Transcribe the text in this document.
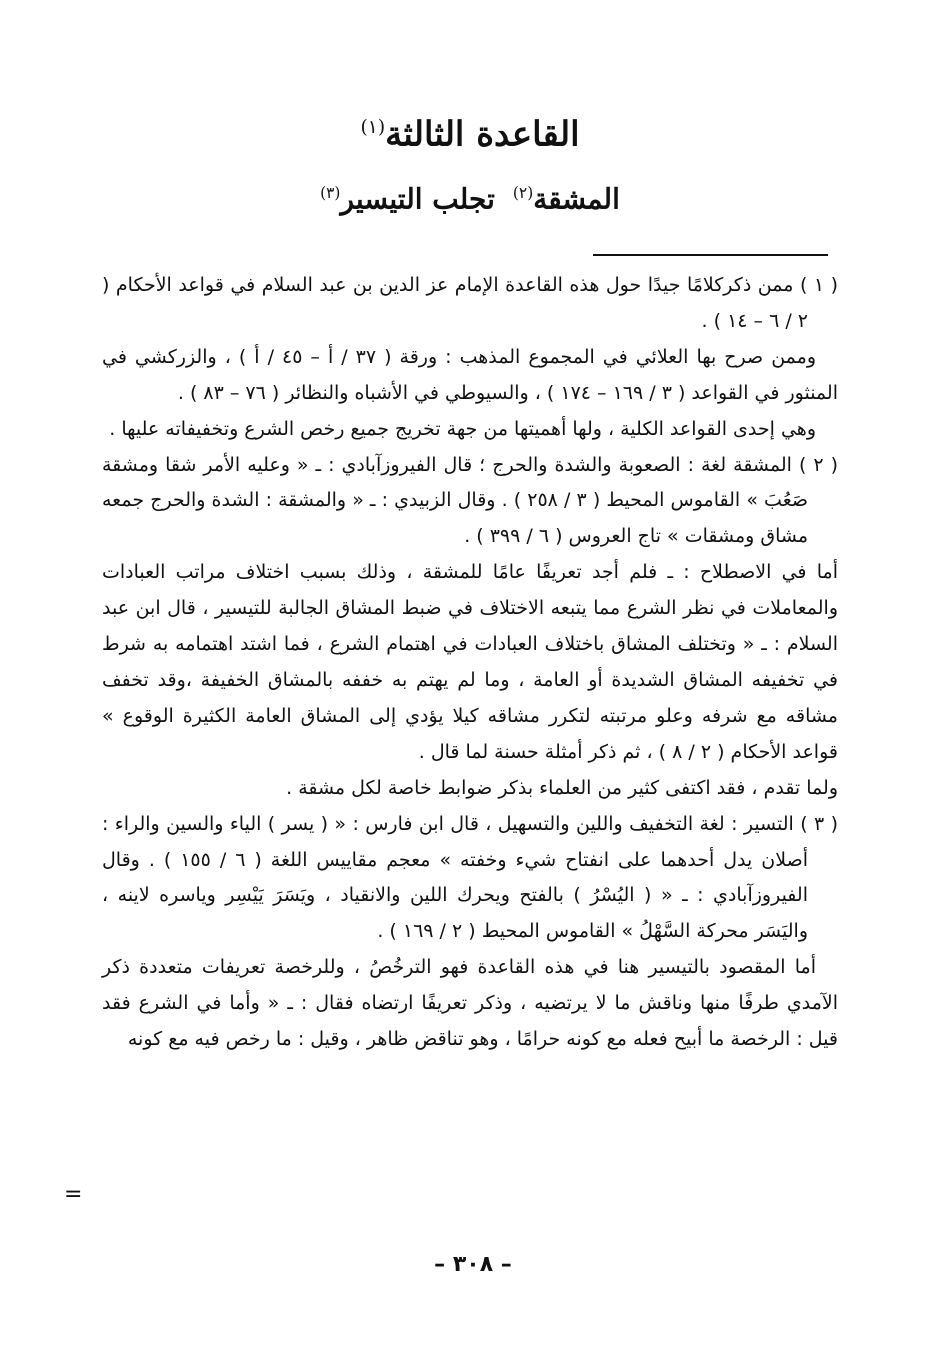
القاعدة الثالثة$^{(١)}$
المشقة$^{(٢)}$تجلب التيسير$^{(٣)}$

( ١ ) ممن ذكركلامًا جيدًا حول هذه القاعدة الإمام عز الدين بن عبد السلام في قواعد الأحكام ( ٢ / ٦ – ١٤ ) .

وممن صرح بها العلائي في المجموع المذهب : ورقة ( ٣٧ / أ – ٤٥ / أ ) ، والزركشي في المنثور في القواعد ( ٣ / ١٦٩ – ١٧٤ ) ، والسيوطي في الأشباه والنظائر ( ٧٦ – ٨٣ ) .

وهي إحدى القواعد الكلية ، ولها أهميتها من جهة تخريج جميع رخص الشرع وتخفيفاته عليها .

( ٢ ) المشقة لغة : الصعوبة والشدة والحرج ؛ قال الفيروزآبادي : ـ « وعليه الأمر شقا ومشقة صَعُبَ » القاموس المحيط ( ٣ / ٢٥٨ ) . وقال الزبيدي : ـ « والمشقة : الشدة والحرج جمعه مشاق ومشقات » تاج العروس ( ٦ / ٣٩٩ ) .

أما في الاصطلاح : ـ فلم أجد تعريفًا عامًا للمشقة ، وذلك بسبب اختلاف مراتب العبادات والمعاملات في نظر الشرع مما يتبعه الاختلاف في ضبط المشاق الجالبة للتيسير ، قال ابن عبد السلام : ـ « وتختلف المشاق باختلاف العبادات في اهتمام الشرع ، فما اشتد اهتمامه به شرط في تخفيفه المشاق الشديدة أو العامة ، وما لم يهتم به خففه بالمشاق الخفيفة ،وقد تخفف مشاقه مع شرفه وعلو مرتبته لتكرر مشاقه كيلا يؤدي إلى المشاق العامة الكثيرة الوقوع » قواعد الأحكام ( ٢ / ٨ ) ، ثم ذكر أمثلة حسنة لما قال .

ولما تقدم ، فقد اكتفى كثير من العلماء بذكر ضوابط خاصة لكل مشقة .

( ٣ ) التسير : لغة التخفيف واللين والتسهيل ، قال ابن فارس : « ( يسر ) الياء والسين والراء : أصلان يدل أحدهما على انفتاح شيء وخفته » معجم مقاييس اللغة ( ٦ / ١٥٥ ) . وقال الفيروزآبادي : ـ « ( اليُسْرُ ) بالفتح ويحرك اللين والانقياد ، ويَسَرَ يَيْسِر وياسره لاينه ، واليَسَر محركة السَّهْلُ » القاموس المحيط ( ٢ / ١٦٩ ) .

أما المقصود بالتيسير هنا في هذه القاعدة فهو الترخُصُ ، وللرخصة تعريفات متعددة ذكر الآمدي طرفًا منها وناقش ما لا يرتضيه ، وذكر تعريفًا ارتضاه فقال : ـ « وأما في الشرع فقد قيل : الرخصة ما أبيح فعله مع كونه حرامًا ، وهو تناقض ظاهر ، وقيل : ما رخص فيه مع كونه

=
– ٣٠٨ –
